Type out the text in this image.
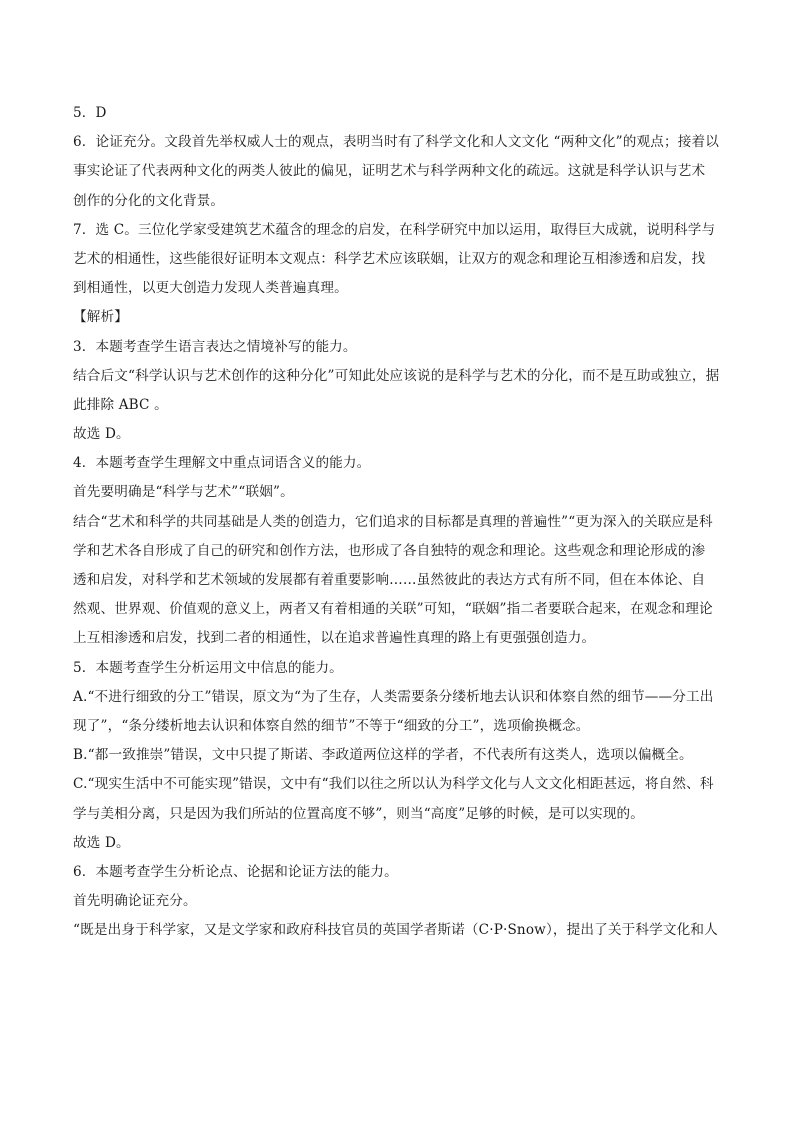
5．D
6．论证充分。文段首先举权威人士的观点，表明当时有了科学文化和人文文化 “两种文化”的观点；接着以
事实论证了代表两种文化的两类人彼此的偏见，证明艺术与科学两种文化的疏远。这就是科学认识与艺术
创作的分化的文化背景。
7．选 C。三位化学家受建筑艺术蕴含的理念的启发，在科学研究中加以运用，取得巨大成就，说明科学与
艺术的相通性，这些能很好证明本文观点：科学艺术应该联姻，让双方的观念和理论互相渗透和启发，找
到相通性，以更大创造力发现人类普遍真理。
【解析】
3．本题考查学生语言表达之情境补写的能力。
结合后文“科学认识与艺术创作的这种分化”可知此处应该说的是科学与艺术的分化，而不是互助或独立，据
此排除 ABC 。
故选 D。
4．本题考查学生理解文中重点词语含义的能力。
首先要明确是“科学与艺术”“联姻”。
结合“艺术和科学的共同基础是人类的创造力，它们追求的目标都是真理的普遍性”“更为深入的关联应是科
学和艺术各自形成了自己的研究和创作方法，也形成了各自独特的观念和理论。这些观念和理论形成的渗
透和启发，对科学和艺术领域的发展都有着重要影响……虽然彼此的表达方式有所不同，但在本体论、自
然观、世界观、价值观的意义上，两者又有着相通的关联”可知，“联姻”指二者要联合起来，在观念和理论
上互相渗透和启发，找到二者的相通性，以在追求普遍性真理的路上有更强强创造力。
5．本题考查学生分析运用文中信息的能力。
A.“不进行细致的分工”错误，原文为“为了生存，人类需要条分缕析地去认识和体察自然的细节——分工出
现了”，“条分缕析地去认识和体察自然的细节”不等于“细致的分工”，选项偷换概念。
B.“都一致推崇”错误，文中只提了斯诺、李政道两位这样的学者，不代表所有这类人，选项以偏概全。
C.“现实生活中不可能实现”错误，文中有“我们以往之所以认为科学文化与人文文化相距甚远，将自然、科
学与美相分离，只是因为我们所站的位置高度不够”，则当“高度”足够的时候，是可以实现的。
故选 D。
6．本题考查学生分析论点、论据和论证方法的能力。
首先明确论证充分。
“既是出身于科学家，又是文学家和政府科技官员的英国学者斯诺（C·P·Snow），提出了关于科学文化和人
